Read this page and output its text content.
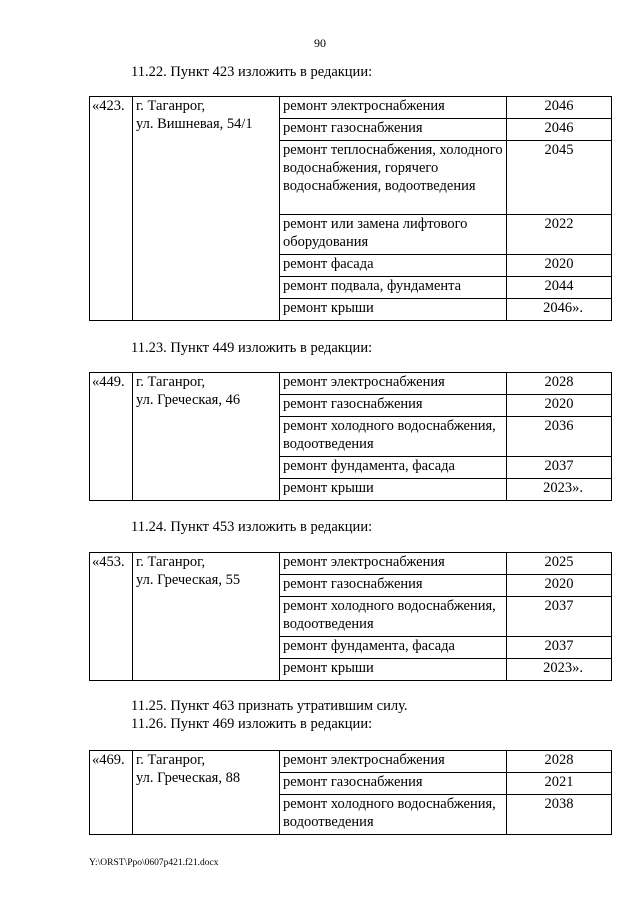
90
11.22. Пункт 423 изложить в редакции:
«423.	г. Таганрог,
ул. Вишневая, 54/1	ремонт электроснабжения	2046
		ремонт газоснабжения	2046
		ремонт теплоснабжения, холодного водоснабжения, горячего водоснабжения, водоотведения	2045
		ремонт или замена лифтового оборудования	2022
		ремонт фасада	2020
		ремонт подвала, фундамента	2044
		ремонт крыши	2046».
11.23. Пункт 449 изложить в редакции:
«449.	г. Таганрог,
ул. Греческая, 46	ремонт электроснабжения	2028
		ремонт газоснабжения	2020
		ремонт холодного водоснабжения, водоотведения	2036
		ремонт фундамента, фасада	2037
		ремонт крыши	2023».
11.24. Пункт 453 изложить в редакции:
«453.	г. Таганрог,
ул. Греческая, 55	ремонт электроснабжения	2025
		ремонт газоснабжения	2020
		ремонт холодного водоснабжения, водоотведения	2037
		ремонт фундамента, фасада	2037
		ремонт крыши	2023».
11.25. Пункт 463 признать утратившим силу.
11.26. Пункт 469 изложить в редакции:
«469.	г. Таганрог,
ул. Греческая, 88	ремонт электроснабжения	2028
		ремонт газоснабжения	2021
		ремонт холодного водоснабжения, водоотведения	2038
Y:\ORST\Ppo\0607p421.f21.docx
